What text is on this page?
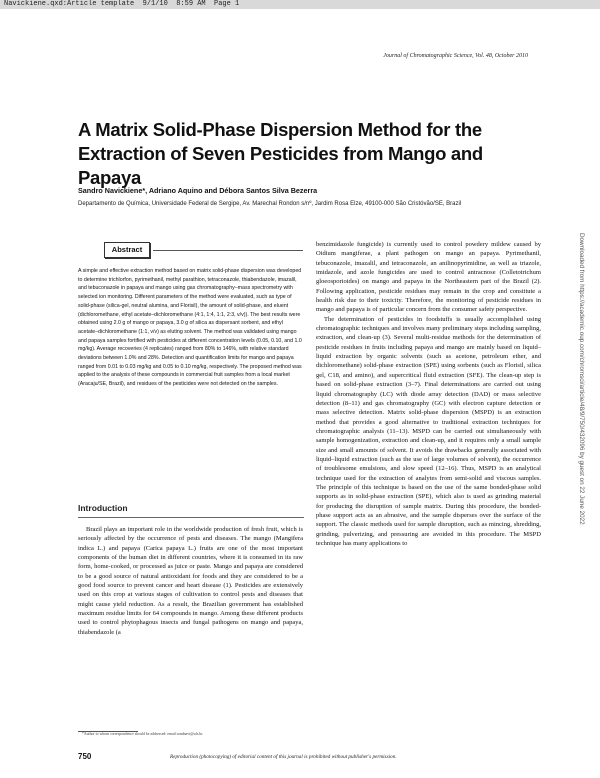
Navickiene.qxd:Article template  9/1/10  8:59 AM  Page 1
Journal of Chromatographic Science, Vol. 48, October 2010
A Matrix Solid-Phase Dispersion Method for the Extraction of Seven Pesticides from Mango and Papaya
Sandro Navickiene*, Adriano Aquino and Débora Santos Silva Bezerra
Departamento de Química, Universidade Federal de Sergipe, Av. Marechal Rondon s/nº, Jardim Rosa Elze, 49100-000 São Cristóvão/SE, Brazil
Downloaded from https://academic.oup.com/chromsci/article/48/9/750/432096 by guest on 22 June 2022
Abstract

A simple and effective extraction method based on matrix solid-phase dispersion was developed to determine trichlorfon, pyrimethanil, methyl parathion, tetraconazole, thiabendazole, imazalil, and tebuconazole in papaya and mango using gas chromatography–mass spectrometry with selected ion monitoring. Different parameters of the method were evaluated, such as type of solid-phase (silica-gel, neutral alumina, and Florisil), the amount of solid-phase, and eluent (dichloromethane, ethyl acetate–dichloromethane (4:1, 1:4, 1:1, 2:3, v/v)). The best results were obtained using 2.0 g of mango or papaya, 3.0 g of silica as dispersant sorbent, and ethyl acetate–dichloromethane (1:1, v/v) as eluting solvent. The method was validated using mango and papaya samples fortified with pesticides at different concentration levels (0.05, 0.10, and 1.0 mg/kg). Average recoveries (4 replicates) ranged from 80% to 146%, with relative standard deviations between 1.0% and 28%. Detection and quantification limits for mango and papaya ranged from 0.01 to 0.03 mg/kg and 0.05 to 0.10 mg/kg, respectively. The proposed method was applied to the analysis of these compounds in commercial fruit samples from a local market (Aracaju/SE, Brazil), and residues of the pesticides were not detected on the samples.

Introduction

Brazil plays an important role in the worldwide production of fresh fruit, which is seriously affected by the occurrence of pests and diseases. The mango (Mangifera indica L.) and papaya (Carica papaya L.) fruits are one of the most important components of the human diet in different countries, where it is consumed in its raw form, home-cooked, or processed as juice or paste. Mango and papaya are considered to be a good source of natural antioxidant for foods and they are considered to be a good food source to prevent cancer and heart disease (1). Pesticides are extensively used on this crop at various stages of cultivation to control pests and diseases that might cause yield reduction. As a result, the Brazilian government has established maximum residue limits for 64 compounds in mango. Among these different products used to control phytophagous insects and fungal pathogens on mango and papaya, thiabendazole (a

benzimidazole fungicide) is currently used to control powdery mildew caused by Oidium mangiferae, a plant pathogen on mango an papaya. Pyrimethanil, tebuconazole, imazalil, and tetraconazole, an anilinopyrimidine, as well as triazole, imidazole, and azole fungicides are used to control antracnose (Colletotrichum gloeosporioides) on mango and papaya in the Northeastern part of the Brazil (2). Following application, pesticide residues may remain in the crop and constitute a health risk due to their toxicity. Therefore, the monitoring of pesticide residues in mango and papaya is of particular concern from the consumer safety perspective.

The determination of pesticides in foodstuffs is usually accomplished using chromatographic techniques and involves many preliminary steps including sampling, extraction, and clean-up (3). Several multi-residue methods for the determination of pesticide residues in fruits including papaya and mango are mainly based on liquid–liquid extraction by organic solvents (such as acetone, petroleum ether, and dichloromethane) solid-phase extraction (SPE) using sorbents (such as Florisil, silica gel, C18, and amino), and supercritical fluid extraction (SFE). The clean-up step is based on solid-phase extraction (3–7). Final determinations are carried out using liquid chromatography (LC) with diode array detection (DAD) or mass selective detection (8–11) and gas chromatography (GC) with electron capture detection or mass selective detection. Matrix solid-phase dispersion (MSPD) is an extraction method that provides a good alternative to traditional extraction techniques for chromatographic analysis (11–13). MSPD can be carried out simultaneously with sample homogenization, extraction and clean-up, and it requires only a small sample size and small amounts of solvent. It avoids the drawbacks generally associated with liquid–liquid extraction (such as the use of large volumes of solvent), the occurrence of troublesome emulsions, and slow speed (12–16). Thus, MSPD is an analytical technique used for the extraction of analytes from semi-solid and viscous samples. The principle of this technique is based on the use of the same bonded-phase solid supports as in solid-phase extraction (SPE), which also is used as grinding material for producing the disruption of sample matrix. During this procedure, the bonded-phase support acts as an abrasive, and the sample disperses over the surface of the support. The classic methods used for sample disruption, such as mincing, shredding, grinding, pulverizing, and pressuring are avoided in this procedure. The MSPD technique has many applications to

*Author to whom correspondence should be addressed: email sandnavi@ufs.br.
750	Reproduction (photocopying) of editorial content of this journal is prohibited without publisher's permission.
